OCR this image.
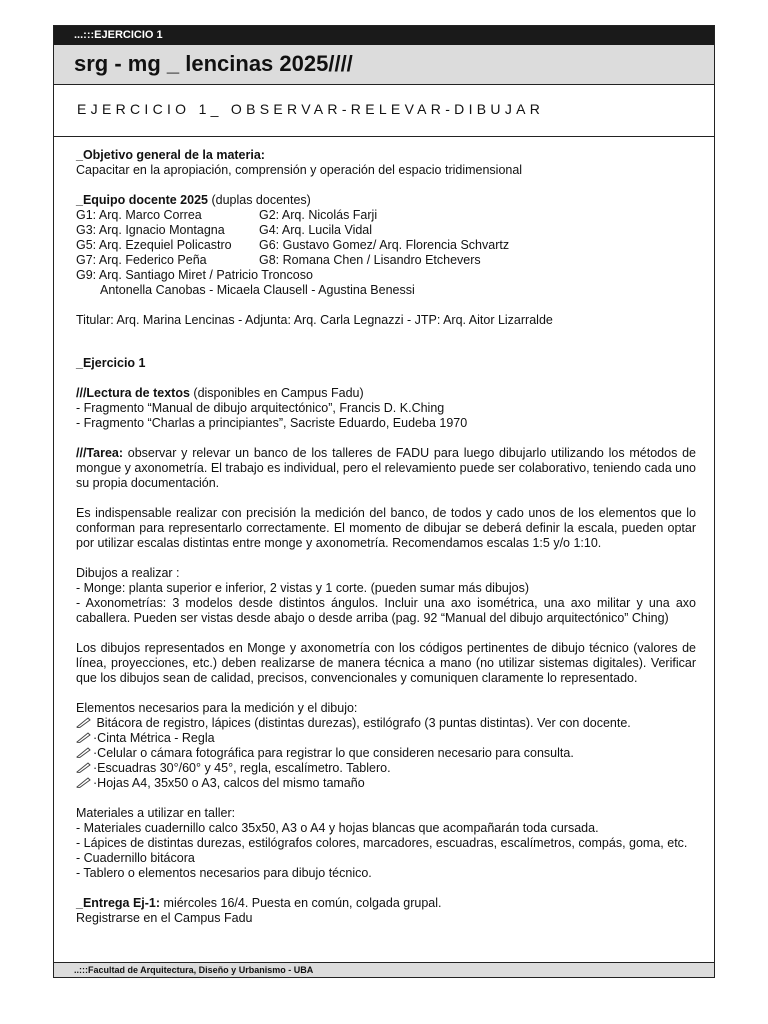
...:::EJERCICIO 1
srg - mg _ lencinas 2025////
EJERCICIO 1_ OBSERVAR-RELEVAR-DIBUJAR

_Objetivo general de la materia:

Capacitar en la apropiación, comprensión y operación del espacio tridimensional

_Equipo docente 2025 (duplas docentes)

G1: Arq. Marco Correa	G2: Arq. Nicolás Farji
G3: Arq. Ignacio Montagna	G4: Arq. Lucila Vidal
G5: Arq. Ezequiel Policastro	G6: Gustavo Gomez/ Arq. Florencia Schvartz
G7: Arq. Federico Peña	G8: Romana Chen / Lisandro Etchevers

G9: Arq. Santiago Miret / Patricio Troncoso

Antonella Canobas - Micaela Clausell - Agustina Benessi

Titular: Arq. Marina Lencinas - Adjunta: Arq. Carla Legnazzi - JTP: Arq. Aitor Lizarralde

_Ejercicio 1

///Lectura de textos (disponibles en Campus Fadu)

- Fragmento “Manual de dibujo arquitectónico”, Francis D. K.Ching

- Fragmento “Charlas a principiantes”, Sacriste Eduardo, Eudeba 1970

///Tarea: observar y relevar un banco de los talleres de FADU para luego dibujarlo utilizando los métodos de mongue y axonometría. El trabajo es individual, pero el relevamiento puede ser colaborativo, teniendo cada uno su propia documentación.

Es indispensable realizar con precisión la medición del banco, de todos y cado unos de los elementos que lo conforman para representarlo correctamente. El momento de dibujar se deberá definir la escala, pueden optar por utilizar escalas distintas entre monge y axonometría. Recomendamos escalas 1:5 y/o 1:10.

Dibujos a realizar :

- Monge: planta superior e inferior, 2 vistas y 1 corte. (pueden sumar más dibujos)

- Axonometrías: 3 modelos desde distintos ángulos. Incluir una axo isométrica, una axo militar y una axo caballera. Pueden ser vistas desde abajo o desde arriba (pag. 92 “Manual del dibujo arquitectónico” Ching)

Los dibujos representados en Monge y axonometría con los códigos pertinentes de dibujo técnico (valores de línea, proyecciones, etc.) deben realizarse de manera técnica a mano (no utilizar sistemas digitales). Verificar que los dibujos sean de calidad, precisos, convencionales y comuniquen claramente lo representado.

Elementos necesarios para la medición y el dibujo:

Bitácora de registro, lápices (distintas durezas), estilógrafo (3 puntas distintas). Ver con docente.

·Cinta Métrica - Regla

·Celular o cámara fotográfica para registrar lo que consideren necesario para consulta.

·Escuadras 30°/60° y 45°, regla, escalímetro. Tablero.

·Hojas A4, 35x50 o A3, calcos del mismo tamaño

Materiales a utilizar en taller:

- Materiales cuadernillo calco 35x50, A3 o A4 y hojas blancas que acompañarán toda cursada.

- Lápices de distintas durezas, estilógrafos colores, marcadores, escuadras, escalímetros, compás, goma, etc.

- Cuadernillo bitácora

- Tablero o elementos necesarios para dibujo técnico.

_Entrega Ej-1: miércoles 16/4. Puesta en común, colgada grupal.

Registrarse en el Campus Fadu

..:::Facultad de Arquitectura, Diseño y Urbanismo - UBA
